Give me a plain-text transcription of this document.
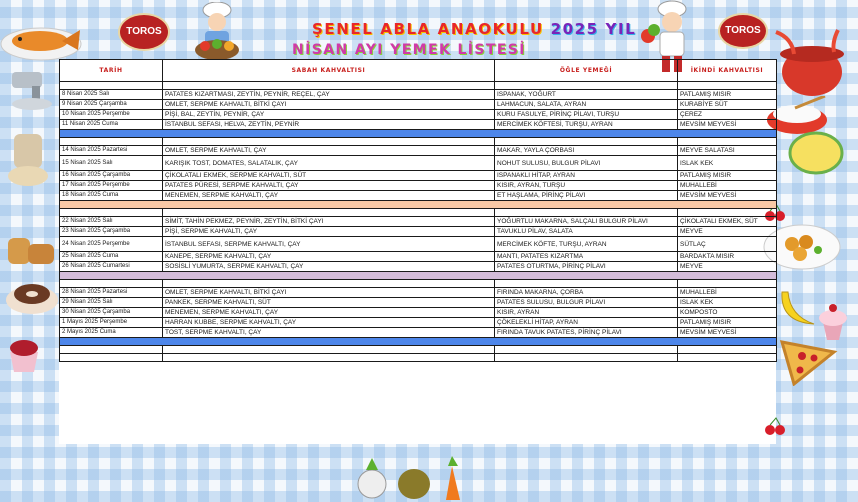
ŞENEL ABLA ANAOKULU 2025 YIL
NİSAN AYI YEMEK LİSTESİ
TOROS	TOROS
TARİH	SABAH KAHVALTISI	ÖĞLE YEMEĞİ	İKİNDİ KAHVALTISI

8 Nisan 2025 Salı	PATATES KIZARTMASI, ZEYTİN, PEYNİR, REÇEL, ÇAY	ISPANAK, YOĞURT	PATLAMIŞ MISIR
9 Nisan 2025 Çarşamba	OMLET, SERPME KAHVALTI, BİTKİ ÇAYI	LAHMACUN, SALATA, AYRAN	KURABİYE SÜT
10 Nisan 2025 Perşembe	PİŞİ, BAL, ZEYTİN, PEYNİR, ÇAY	KURU FASULYE, PİRİNÇ PİLAVI, TURŞU	ÇEREZ
11 Nisan 2025 Cuma	İSTANBUL SEFASI, HELVA, ZEYTİN, PEYNİR	MERCİMEK KÖFTESİ, TURŞU, AYRAN	MEVSİM MEYVESİ

14 Nisan 2025 Pazartesi	OMLET, SERPME KAHVALTI, ÇAY	MAKAR, YAYLA ÇORBASI	MEYVE SALATASI
15 Nisan 2025 Salı	KARIŞIK TOST, DOMATES, SALATALIK, ÇAY	NOHUT SULUSU, BULGUR PİLAVI	ISLAK KEK
16 Nisan 2025 Çarşamba	ÇİKOLATALI EKMEK, SERPME KAHVALTI, SÜT	ISPANAKLI HİTAP, AYRAN	PATLAMIŞ MISIR
17 Nisan 2025 Perşembe	PATATES PÜRESİ, SERPME KAHVALTI, ÇAY	KISIR, AYRAN, TURŞU	MUHALLEBİ
18 Nisan 2025 Cuma	MENEMEN, SERPME KAHVALTI, ÇAY	ET HAŞLAMA, PİRİNÇ PİLAVI	MEVSİM MEYVESİ

22 Nisan 2025 Salı	SİMİT, TAHİN PEKMEZ, PEYNİR, ZEYTİN, BİTKİ ÇAYI	YOĞURTLU MAKARNA, SALÇALI BULGUR PİLAVI	ÇİKOLATALI EKMEK, SÜT
23 Nisan 2025 Çarşamba	PİŞİ, SERPME KAHVALTI, ÇAY	TAVUKLU PİLAV, SALATA	MEYVE
24 Nisan 2025 Perşembe	İSTANBUL SEFASI, SERPME KAHVALTI, ÇAY	MERCİMEK KÖFTE, TURŞU, AYRAN	SÜTLAÇ
25 Nisan 2025 Cuma	KANEPE, SERPME KAHVALTI, ÇAY	MANTI, PATATES KIZARTMA	BARDAKTA MISIR
26 Nisan 2025 Cumartesi	SOSİSLİ YUMURTA, SERPME KAHVALTI, ÇAY	PATATES OTURTMA, PİRİNÇ PİLAVI	MEYVE

28 Nisan 2025 Pazartesi	OMLET, SERPME KAHVALTI, BİTKİ ÇAYI	FIRINDA MAKARNA, ÇORBA	MUHALLEBİ
29 Nisan 2025 Salı	PANKEK, SERPME KAHVALTI, SÜT	PATATES SULUSU, BULGUR PİLAVI	ISLAK KEK
30 Nisan 2025 Çarşamba	MENEMEN, SERPME KAHVALTI, ÇAY	KISIR, AYRAN	KOMPOSTO
1 Mayıs 2025 Perşembe	HARRAN KUBBE, SERPME KAHVALTI, ÇAY	ÇÖKELEKLİ HİTAP, AYRAN	PATLAMIŞ MISIR
2 Mayıs 2025 Cuma	TOST, SERPME KAHVALTI, ÇAY	FIRINDA TAVUK PATATES, PİRİNÇ PİLAVI	MEVSİM MEYVESİ
